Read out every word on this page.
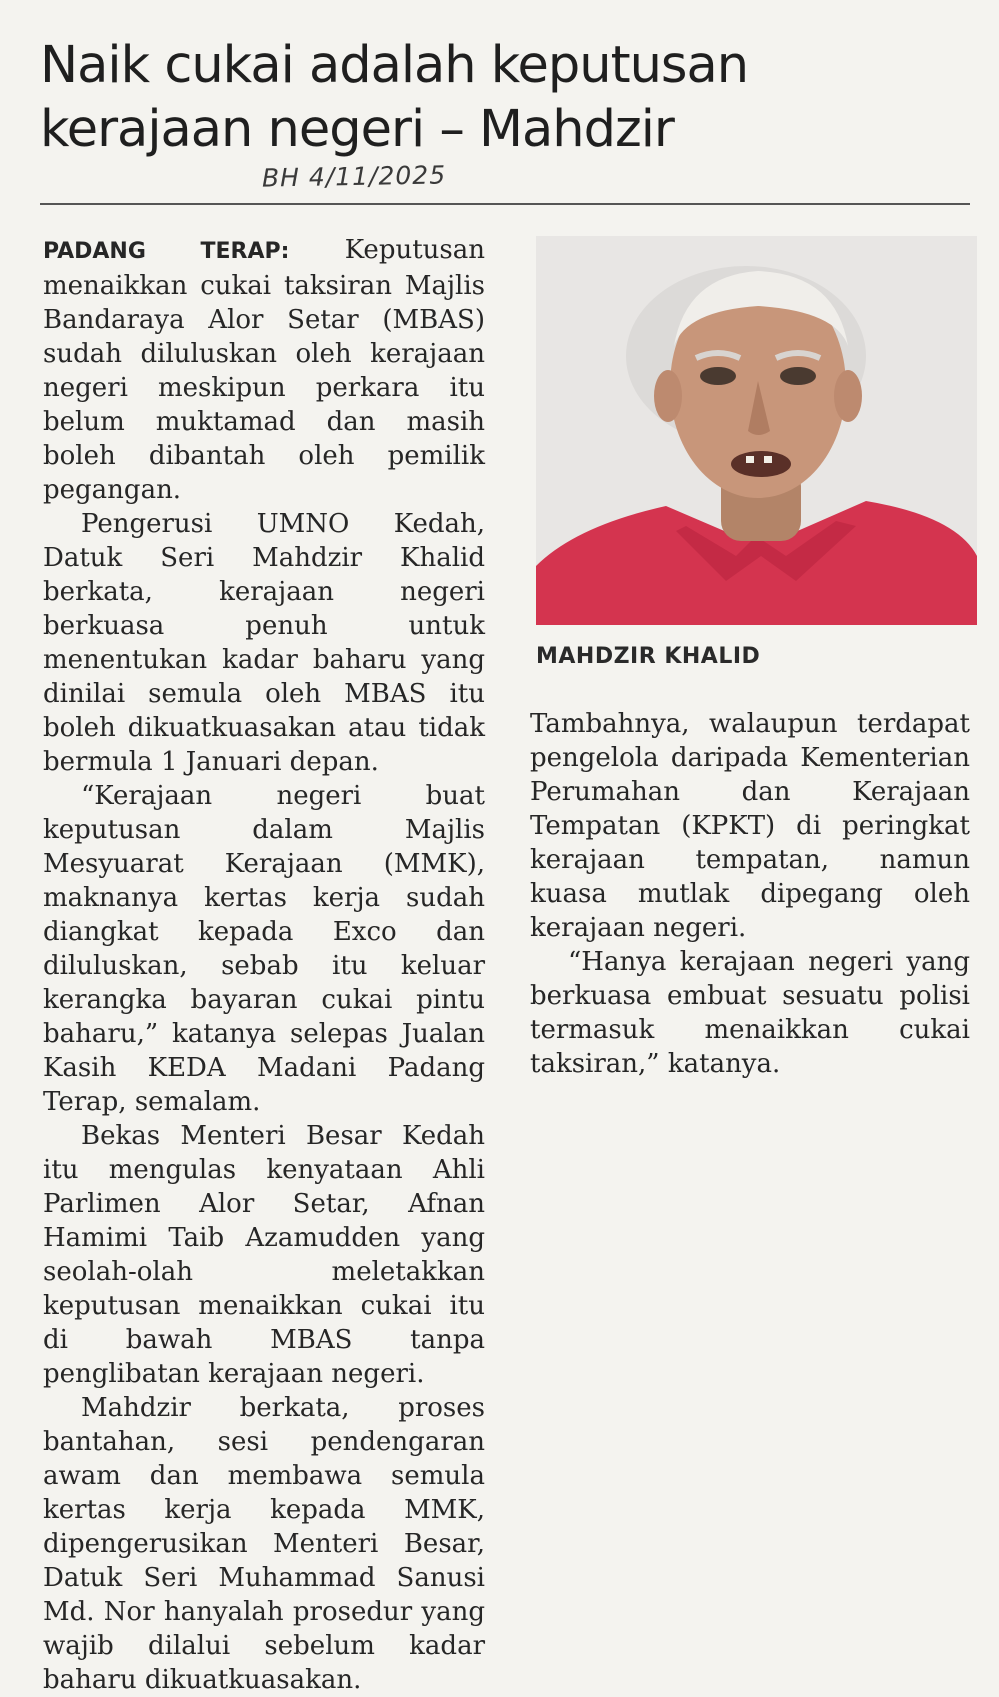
Naik cukai adalah keputusan
kerajaan negeri – Mahdzir
BH 4/11/2025

PADANG TERAP: Keputusan menaikkan cukai taksiran Majlis Bandaraya Alor Setar (MBAS) sudah diluluskan oleh kerajaan negeri meskipun perkara itu belum muktamad dan masih boleh dibantah oleh pemilik pegangan.

Pengerusi UMNO Kedah, Datuk Seri Mahdzir Khalid berkata, kerajaan negeri berkuasa penuh untuk menentukan kadar baharu yang dinilai semula oleh MBAS itu boleh dikuatkuasakan atau tidak bermula 1 Januari depan.

“Kerajaan negeri buat keputusan dalam Majlis Mesyuarat Kerajaan (MMK), maknanya kertas kerja sudah diangkat kepada Exco dan diluluskan, sebab itu keluar kerangka bayaran cukai pintu baharu,” katanya selepas Jualan Kasih KEDA Madani Padang Terap, semalam.

Bekas Menteri Besar Kedah itu mengulas kenyataan Ahli Parlimen Alor Setar, Afnan Hamimi Taib Azamudden yang seolah-olah meletakkan keputusan menaikkan cukai itu di bawah MBAS tanpa penglibatan kerajaan negeri.

Mahdzir berkata, proses bantahan, sesi pendengaran awam dan membawa semula kertas kerja kepada MMK, dipengerusikan Menteri Besar, Datuk Seri Muhammad Sanusi Md. Nor hanyalah prosedur yang wajib dilalui sebelum kadar baharu dikuatkuasakan.

MAHDZIR KHALID

Tambahnya, walaupun terdapat pengelola daripada Kementerian Perumahan dan Kerajaan Tempatan (KPKT) di peringkat kerajaan tempatan, namun kuasa mutlak dipegang oleh kerajaan negeri.

“Hanya kerajaan negeri yang berkuasa embuat sesuatu polisi termasuk menaikkan cukai taksiran,” katanya.
